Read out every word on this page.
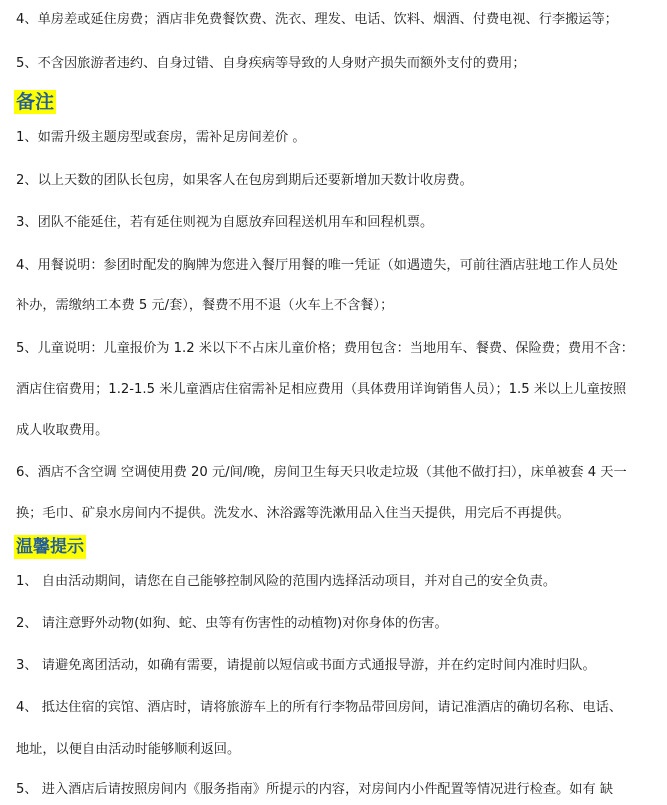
4、单房差或延住房费；酒店非免费餐饮费、洗衣、理发、电话、饮料、烟酒、付费电视、行李搬运等；
5、不含因旅游者违约、自身过错、自身疾病等导致的人身财产损失而额外支付的费用；
备注
1、如需升级主题房型或套房，需补足房间差价 。
2、以上天数的团队长包房，如果客人在包房到期后还要新增加天数计收房费。
3、团队不能延住，若有延住则视为自愿放弃回程送机用车和回程机票。
4、用餐说明：参团时配发的胸牌为您进入餐厅用餐的唯一凭证（如遇遗失，可前往酒店驻地工作人员处
补办，需缴纳工本费 5 元/套），餐费不用不退（火车上不含餐）；
5、儿童说明：儿童报价为 1.2 米以下不占床儿童价格；费用包含：当地用车、餐费、保险费；费用不含：
酒店住宿费用；1.2-1.5 米儿童酒店住宿需补足相应费用（具体费用详询销售人员）；1.5 米以上儿童按照
成人收取费用。
6、酒店不含空调 空调使用费 20 元/间/晚，房间卫生每天只收走垃圾（其他不做打扫），床单被套 4 天一
换；毛巾、矿泉水房间内不提供。洗发水、沐浴露等洗漱用品入住当天提供，用完后不再提供。
温馨提示
1、 自由活动期间，请您在自己能够控制风险的范围内选择活动项目，并对自己的安全负责。
2、 请注意野外动物(如狗、蛇、虫等有伤害性的动植物)对你身体的伤害。
3、 请避免离团活动，如确有需要，请提前以短信或书面方式通报导游，并在约定时间内准时归队。
4、 抵达住宿的宾馆、酒店时，请将旅游车上的所有行李物品带回房间，请记准酒店的确切名称、电话、
地址，以便自由活动时能够顺利返回。
5、 进入酒店后请按照房间内《服务指南》所提示的内容，对房间内小件配置等情况进行检查。如有 缺
